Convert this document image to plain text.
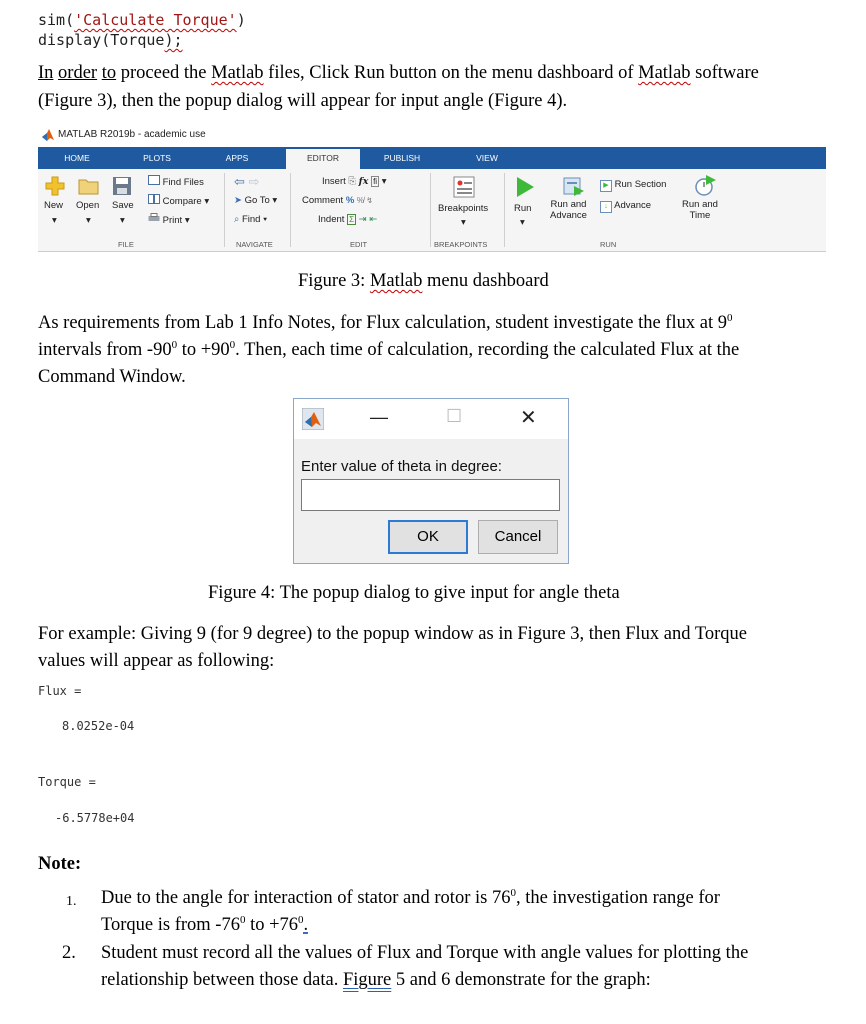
sim('Calculate Torque')
display(Torque);
In order to proceed the Matlab files, Click Run button on the menu dashboard of Matlab software
(Figure 3), then the popup dialog will appear for input angle (Figure 4).
MATLAB R2019b - academic use
HOME	PLOTS	APPS	EDITOR	PUBLISH	VIEW
New Open Save
▾	▾	▾
Find Files
Compare ▾
Print ▾
FILE
⇦ ⇨
➤ Go To ▾
⌕ Find ▾
NAVIGATE
Insert ⎘ fx fi ▾
Comment % %̸ ↯
Indent Σ ⇥ ⇤
EDIT
Breakpoints
▾
BREAKPOINTS
Run
▾
Run and
Advance
▶ Run Section
↓ Advance	Run and
Time
RUN
Figure 3: Matlab menu dashboard
As requirements from Lab 1 Info Notes, for Flux calculation, student investigate the flux at $9^0$
intervals from $-90^0$ to $+90^0$. Then, each time of calculation, recording the calculated Flux at the
Command Window.
—	☐	✕
Enter value of theta in degree:
OK	Cancel
Figure 4: The popup dialog to give input for angle theta
For example: Giving 9 (for 9 degree) to the popup window as in Figure 3, then Flux and Torque
values will appear as following:
Flux =
8.0252e-04
Torque =
-6.5778e+04
Note:
1. Due to the angle for interaction of stator and rotor is $76^0$, the investigation range for
Torque is from $-76^0$ to $+76^0$.
2. Student must record all the values of Flux and Torque with angle values for plotting the
relationship between those data. Figure 5 and 6 demonstrate for the graph:
